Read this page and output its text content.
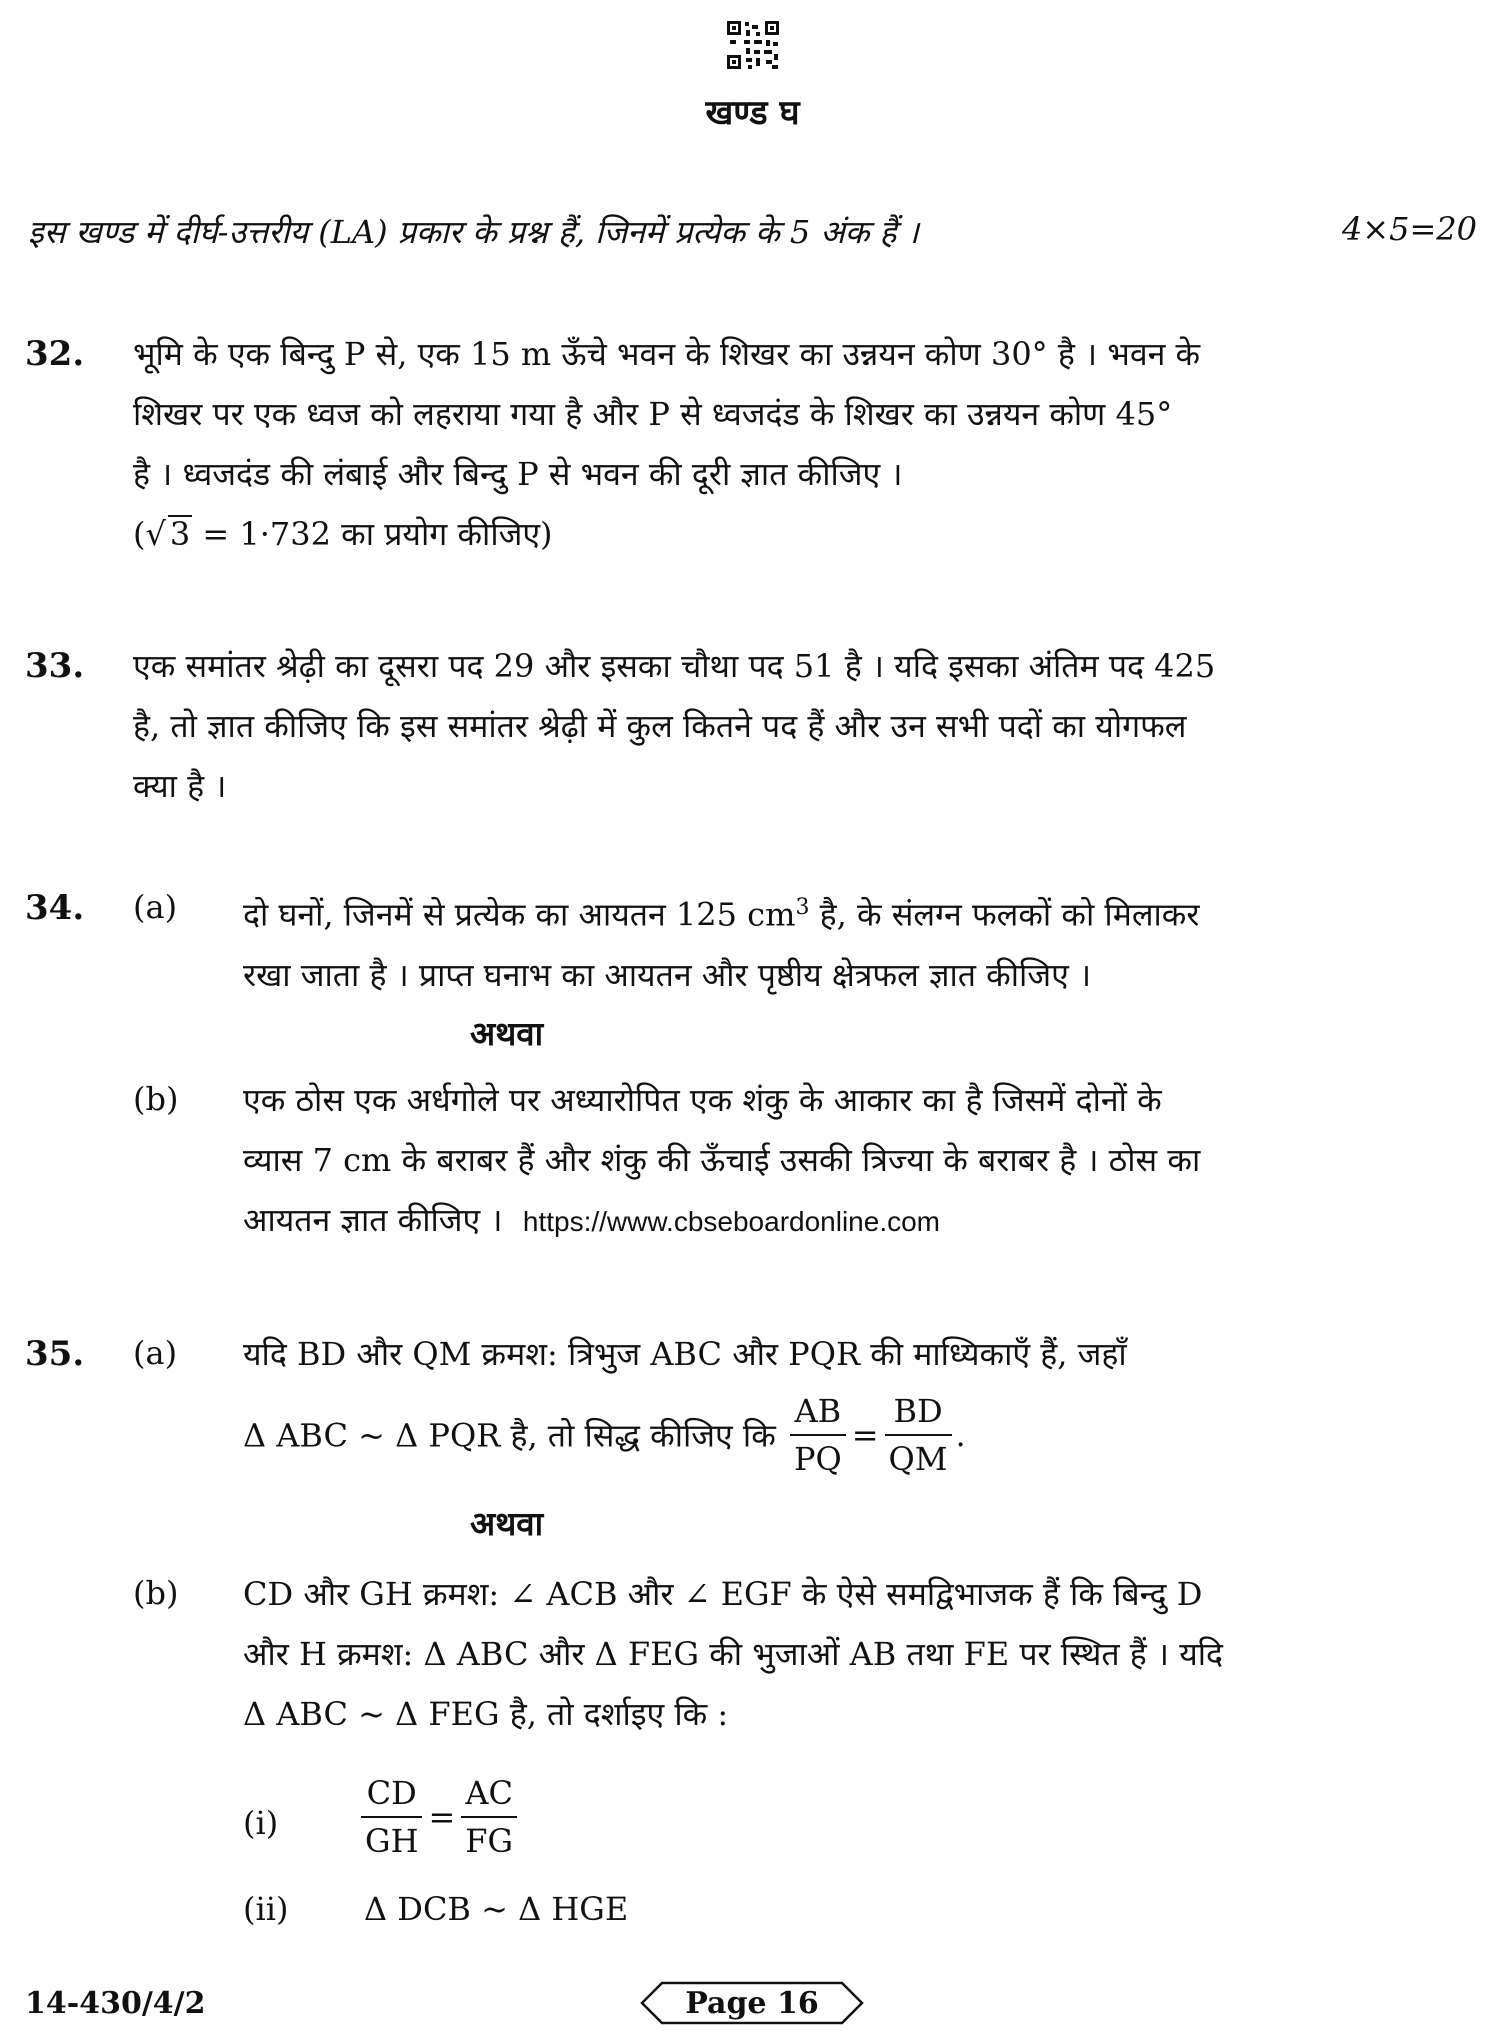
खण्ड घ
इस खण्ड में दीर्घ-उत्तरीय (LA) प्रकार के प्रश्न हैं, जिनमें प्रत्येक के 5 अंक हैं ।	4×5=20
32. भूमि के एक बिन्दु P से, एक 15 m ऊँचे भवन के शिखर का उन्नयन कोण 30° है । भवन के

शिखर पर एक ध्वज को लहराया गया है और P से ध्वजदंड के शिखर का उन्नयन कोण 45°

है । ध्वजदंड की लंबाई और बिन्दु P से भवन की दूरी ज्ञात कीजिए ।

(√ 3 = 1·732 का प्रयोग कीजिए)

33. एक समांतर श्रेढ़ी का दूसरा पद 29 और इसका चौथा पद 51 है । यदि इसका अंतिम पद 425

है, तो ज्ञात कीजिए कि इस समांतर श्रेढ़ी में कुल कितने पद हैं और उन सभी पदों का योगफल

क्या है ।

34. (a) दो घनों, जिनमें से प्रत्येक का आयतन 125 $cm^3$ है, के संलग्न फलकों को मिलाकर

रखा जाता है । प्राप्त घनाभ का आयतन और पृष्ठीय क्षेत्रफल ज्ञात कीजिए ।

अथवा
(b) एक ठोस एक अर्धगोले पर अध्यारोपित एक शंकु के आकार का है जिसमें दोनों के

व्यास 7 cm के बराबर हैं और शंकु की ऊँचाई उसकी त्रिज्या के बराबर है । ठोस का

आयतन ज्ञात कीजिए । https://www.cbseboardonline.com

35. (a) यदि BD और QM क्रमश: त्रिभुज ABC और PQR की माध्यिकाएँ हैं, जहाँ

Δ ABC ~ Δ PQR है, तो सिद्ध कीजिए कि $\frac{AB}{PQ} = \frac{BD}{QM}$ .
अथवा
(b) CD और GH क्रमश: ∠ ACB और ∠ EGF के ऐसे समद्विभाजक हैं कि बिन्दु D

और H क्रमश: Δ ABC और Δ FEG की भुजाओं AB तथा FE पर स्थित हैं । यदि

Δ ABC ~ Δ FEG है, तो दर्शाइए कि :

(i)	$\frac{CD}{GH} = \frac{AC}{FG}$
(ii) Δ DCB ~ Δ HGE
14-430/4/2	Page 16
